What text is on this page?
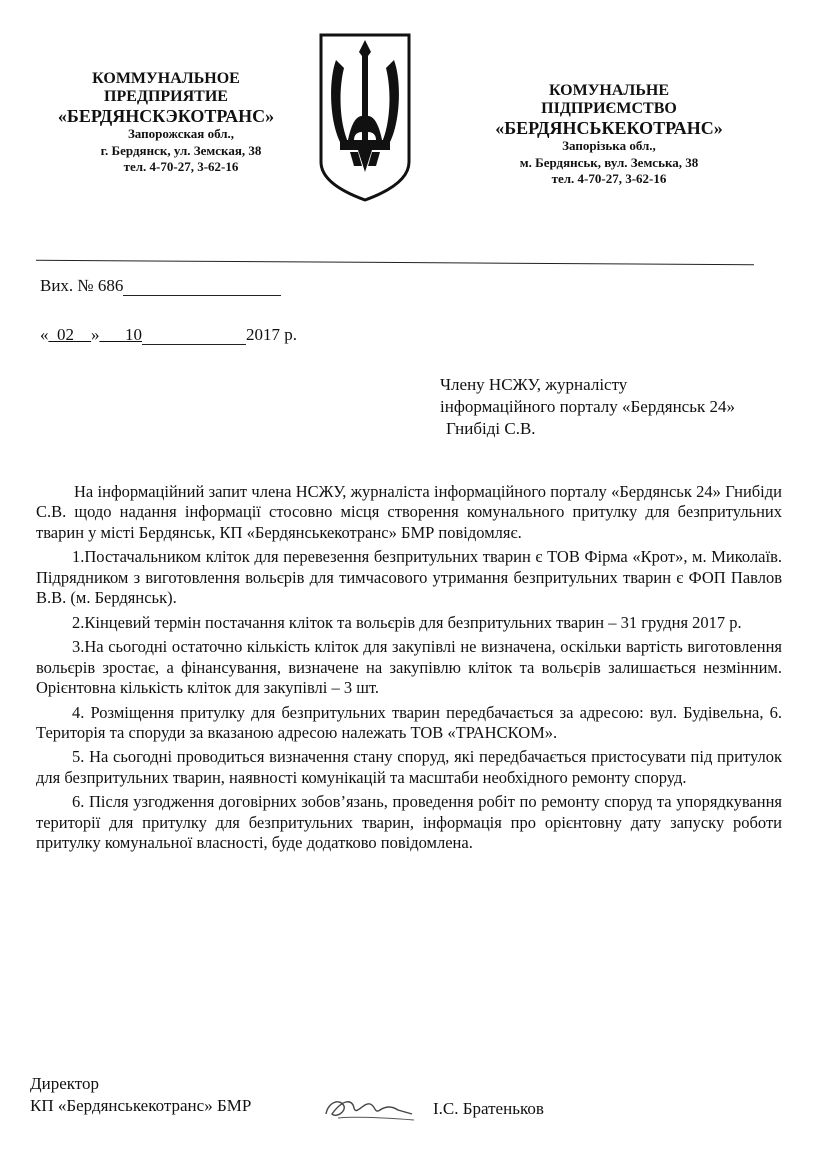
КОММУНАЛЬНОЕ
ПРЕДПРИЯТИЕ
«БЕРДЯНСКЭКОТРАНС»
Запорожская обл.,
г. Бердянск, ул. Земская, 38
тел. 4-70-27, 3-62-16
КОМУНАЛЬНЕ
ПІДПРИЄМСТВО
«БЕРДЯНСЬКЕКОТРАНС»
Запорізька обл.,
м. Бердянськ, вул. Земська, 38
тел. 4-70-27, 3-62-16
Вих. № 686
«_02__»___10	2017 р.
Члену НСЖУ, журналісту
інформаційного порталу «Бердянськ 24»
Гнибіді С.В.

На інформаційний запит члена НСЖУ, журналіста інформаційного порталу «Бердянськ 24» Гнибіди С.В. щодо надання інформації стосовно місця створення комунального притулку для безпритульних тварин у місті Бердянськ, КП «Бердянськекотранс» БМР повідомляє.

1.Постачальником кліток для перевезення безпритульних тварин є ТОВ Фірма «Крот», м. Миколаїв. Підрядником з виготовлення вольєрів для тимчасового утримання безпритульних тварин є ФОП Павлов В.В. (м. Бердянськ).

2.Кінцевий термін постачання кліток та вольєрів для безпритульних тварин – 31 грудня 2017 р.

3.На сьогодні остаточно кількість кліток для закупівлі не визначена, оскільки вартість виготовлення вольєрів зростає, а фінансування, визначене на закупівлю кліток та вольєрів залишається незмінним. Орієнтовна кількість кліток для закупівлі – 3 шт.

4. Розміщення притулку для безпритульних тварин передбачається за адресою: вул. Будівельна, 6. Територія та споруди за вказаною адресою належать ТОВ «ТРАНСКОМ».

5. На сьогодні проводиться визначення стану споруд, які передбачається пристосувати під притулок для безпритульних тварин, наявності комунікацій та масштаби необхідного ремонту споруд.

6. Після узгодження договірних зобов’язань, проведення робіт по ремонту споруд та упорядкування території для притулку для безпритульних тварин, інформація про орієнтовну дату запуску роботи притулку комунальної власності, буде додатково повідомлена.

Директор
КП «Бердянськекотранс» БМР	І.С. Братеньков
